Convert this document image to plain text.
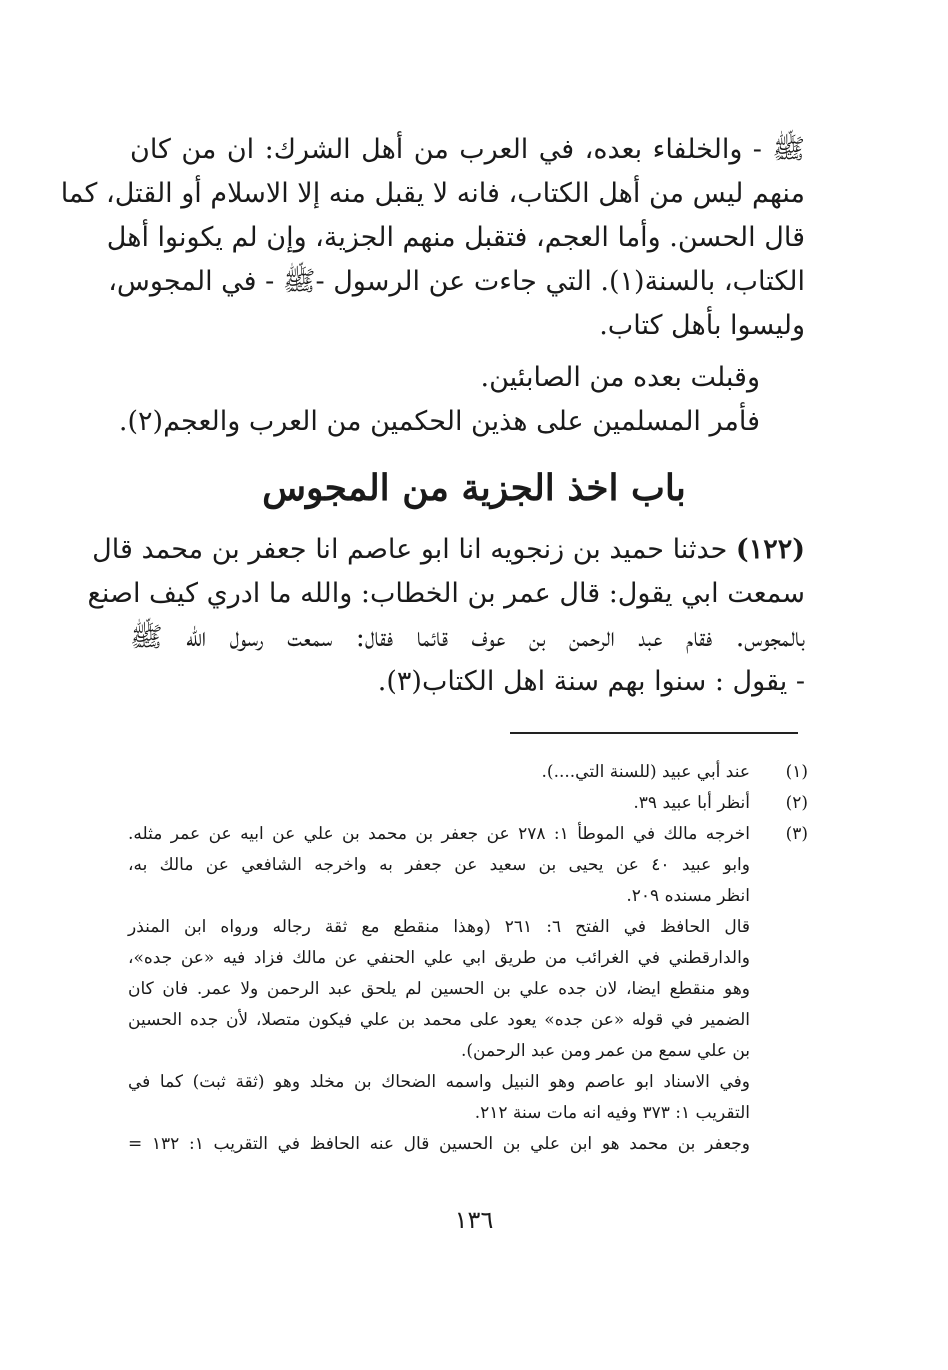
ﷺ - والخلفاء بعده، في العرب من أهل الشرك: ان من كان
منهم ليس من أهل الكتاب، فانه لا يقبل منه إلا الاسلام أو القتل، كما
قال الحسن. وأما العجم، فتقبل منهم الجزية، وإن لم يكونوا أهل
الكتاب، بالسنة(١). التي جاءت عن الرسول -ﷺ - في المجوس،
وليسوا بأهل كتاب.
وقبلت بعده من الصابئين.
فأمر المسلمين على هذين الحكمين من العرب والعجم(٢).
باب اخذ الجزية من المجوس
(١٢٢) حدثنا حميد بن زنجويه انا ابو عاصم انا جعفر بن محمد قال
سمعت ابي يقول: قال عمر بن الخطاب: والله ما ادري كيف اصنع
بالمجوس. فقام عبد الرحمن بن عوف قائما فقال: سمعت رسول الله ﷺ
- يقول : سنوا بهم سنة اهل الكتاب(٣).
(١)
عند أبي عبيد (للسنة التي....).
(٢)
أنظر أبا عبيد ٣٩.
(٣)
اخرجه مالك في الموطأ ١: ٢٧٨ عن جعفر بن محمد بن علي عن ابيه عن عمر مثله.
وابو عبيد ٤٠ عن يحيى بن سعيد عن جعفر به واخرجه الشافعي عن مالك به،
انظر مسنده ٢٠٩.
قال الحافظ في الفتح ٦: ٢٦١ (وهذا منقطع مع ثقة رجاله ورواه ابن المنذر
والدارقطني في الغرائب من طريق ابي علي الحنفي عن مالك فزاد فيه «عن جده»،
وهو منقطع ايضا، لان جده علي بن الحسين لم يلحق عبد الرحمن ولا عمر. فان كان
الضمير في قوله «عن جده» يعود على محمد بن علي فيكون متصلا، لأن جده الحسين
بن علي سمع من عمر ومن عبد الرحمن).
وفي الاسناد ابو عاصم وهو النبيل واسمه الضحاك بن مخلد وهو (ثقة ثبت) كما في
التقريب ١: ٣٧٣ وفيه انه مات سنة ٢١٢.
وجعفر بن محمد هو ابن علي بن الحسين قال عنه الحافظ في التقريب ١: ١٣٢ =
١٣٦
